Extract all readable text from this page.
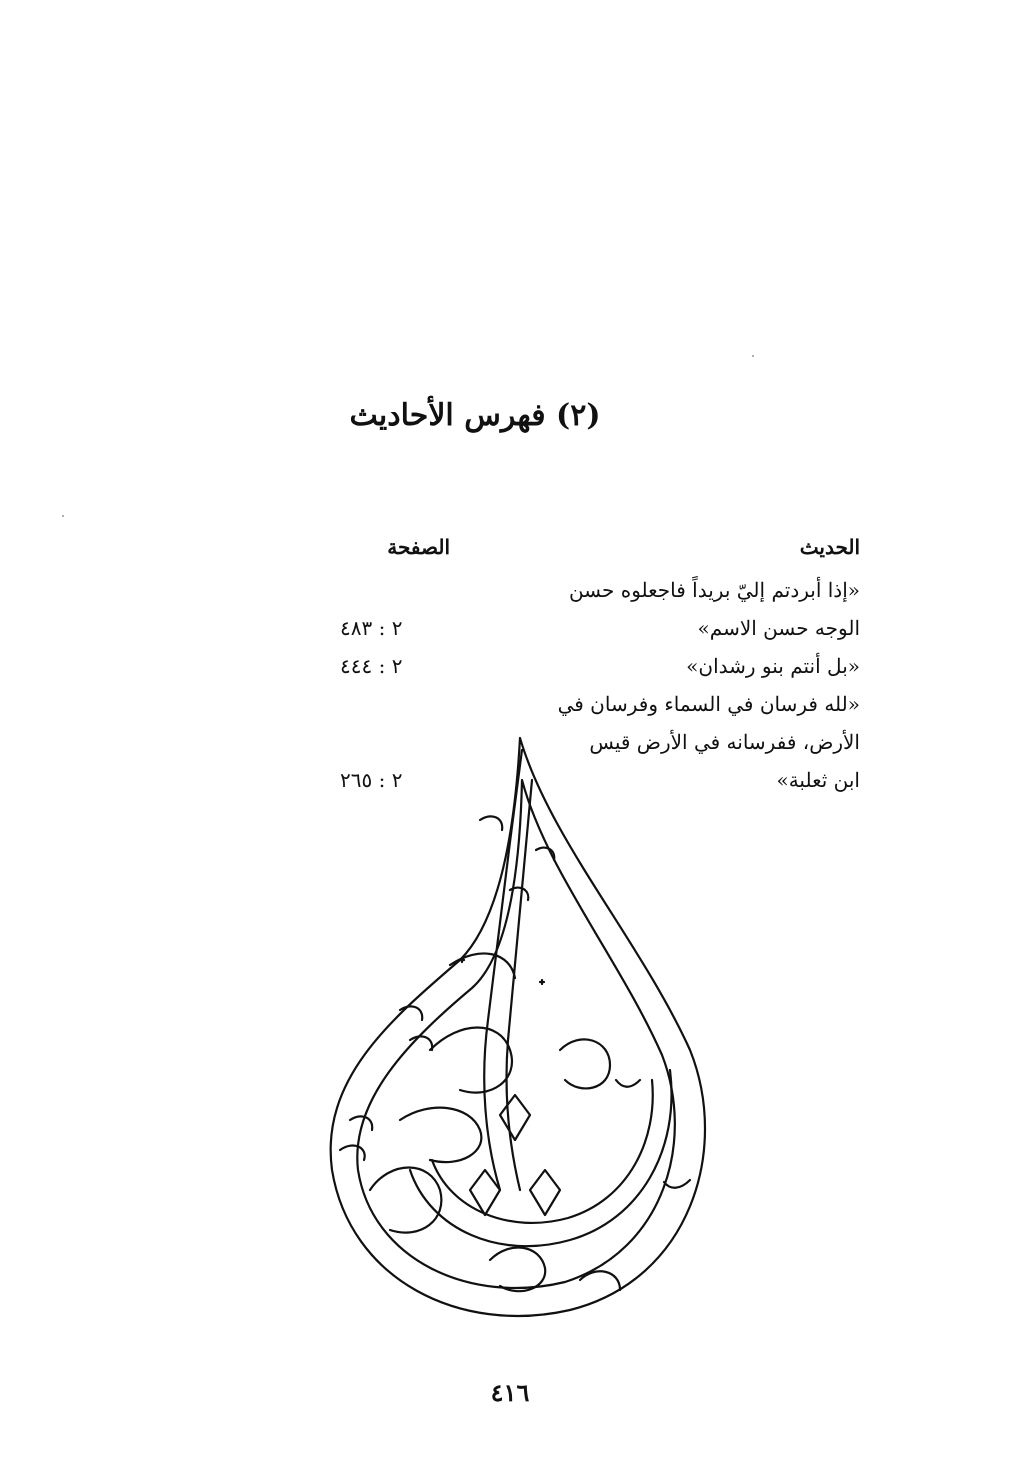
(٢) فهرس الأحاديث
الحديث
الصفحة
«إذا أبردتم إليّ بريداً فاجعلوه حسن
الوجه حسن الاسم»
٢ : ٤٨٣
«بل أنتم بنو رشدان»
٢ : ٤٤٤
«لله فرسان في السماء وفرسان في
الأرض، ففرسانه في الأرض قيس
ابن ثعلبة»
٢ : ٢٦٥
٤١٦
